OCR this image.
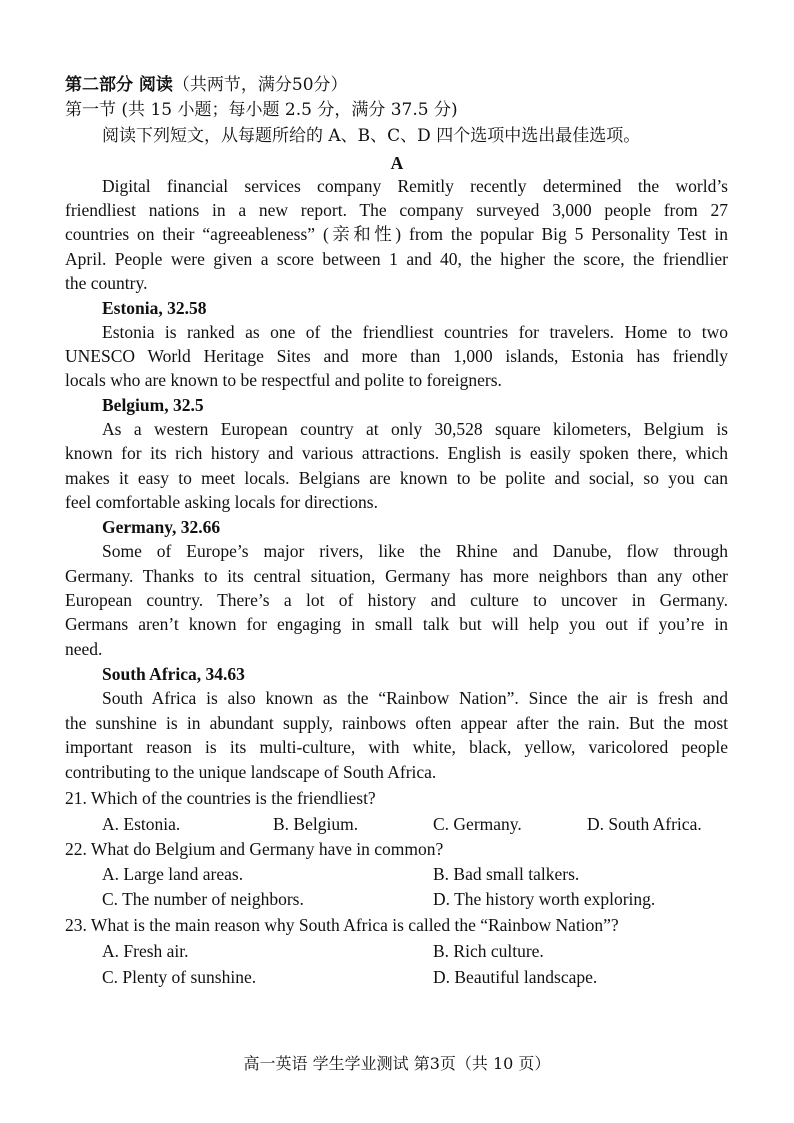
第二部分 阅读（共两节，满分50分）
第一节 (共 15 小题；每小题 2.5 分，满分 37.5 分)
阅读下列短文，从每题所给的 A、B、C、D 四个选项中选出最佳选项。
A
Digital financial services company Remitly recently determined the world’s
friendliest nations in a new report. The company surveyed 3,000 people from 27
countries on their “agreeableness” (亲和性) from the popular Big 5 Personality Test in
April. People were given a score between 1 and 40, the higher the score, the friendlier
the country.
Estonia, 32.58
Estonia is ranked as one of the friendliest countries for travelers. Home to two
UNESCO World Heritage Sites and more than 1,000 islands, Estonia has friendly
locals who are known to be respectful and polite to foreigners.
Belgium, 32.5
As a western European country at only 30,528 square kilometers, Belgium is
known for its rich history and various attractions. English is easily spoken there, which
makes it easy to meet locals. Belgians are known to be polite and social, so you can
feel comfortable asking locals for directions.
Germany, 32.66
Some of Europe’s major rivers, like the Rhine and Danube, flow through
Germany. Thanks to its central situation, Germany has more neighbors than any other
European country. There’s a lot of history and culture to uncover in Germany.
Germans aren’t known for engaging in small talk but will help you out if you’re in
need.
South Africa, 34.63
South Africa is also known as the “Rainbow Nation”. Since the air is fresh and
the sunshine is in abundant supply, rainbows often appear after the rain. But the most
important reason is its multi-culture, with white, black, yellow, varicolored people
contributing to the unique landscape of South Africa.
21. Which of the countries is the friendliest?
A. Estonia.	B. Belgium.	C. Germany.	D. South Africa.
22. What do Belgium and Germany have in common?
A. Large land areas.	B. Bad small talkers.
C. The number of neighbors.	D. The history worth exploring.
23. What is the main reason why South Africa is called the “Rainbow Nation”?
A. Fresh air.	B. Rich culture.
C. Plenty of sunshine.	D. Beautiful landscape.
高一英语 学生学业测试 第3页（共 10 页）
